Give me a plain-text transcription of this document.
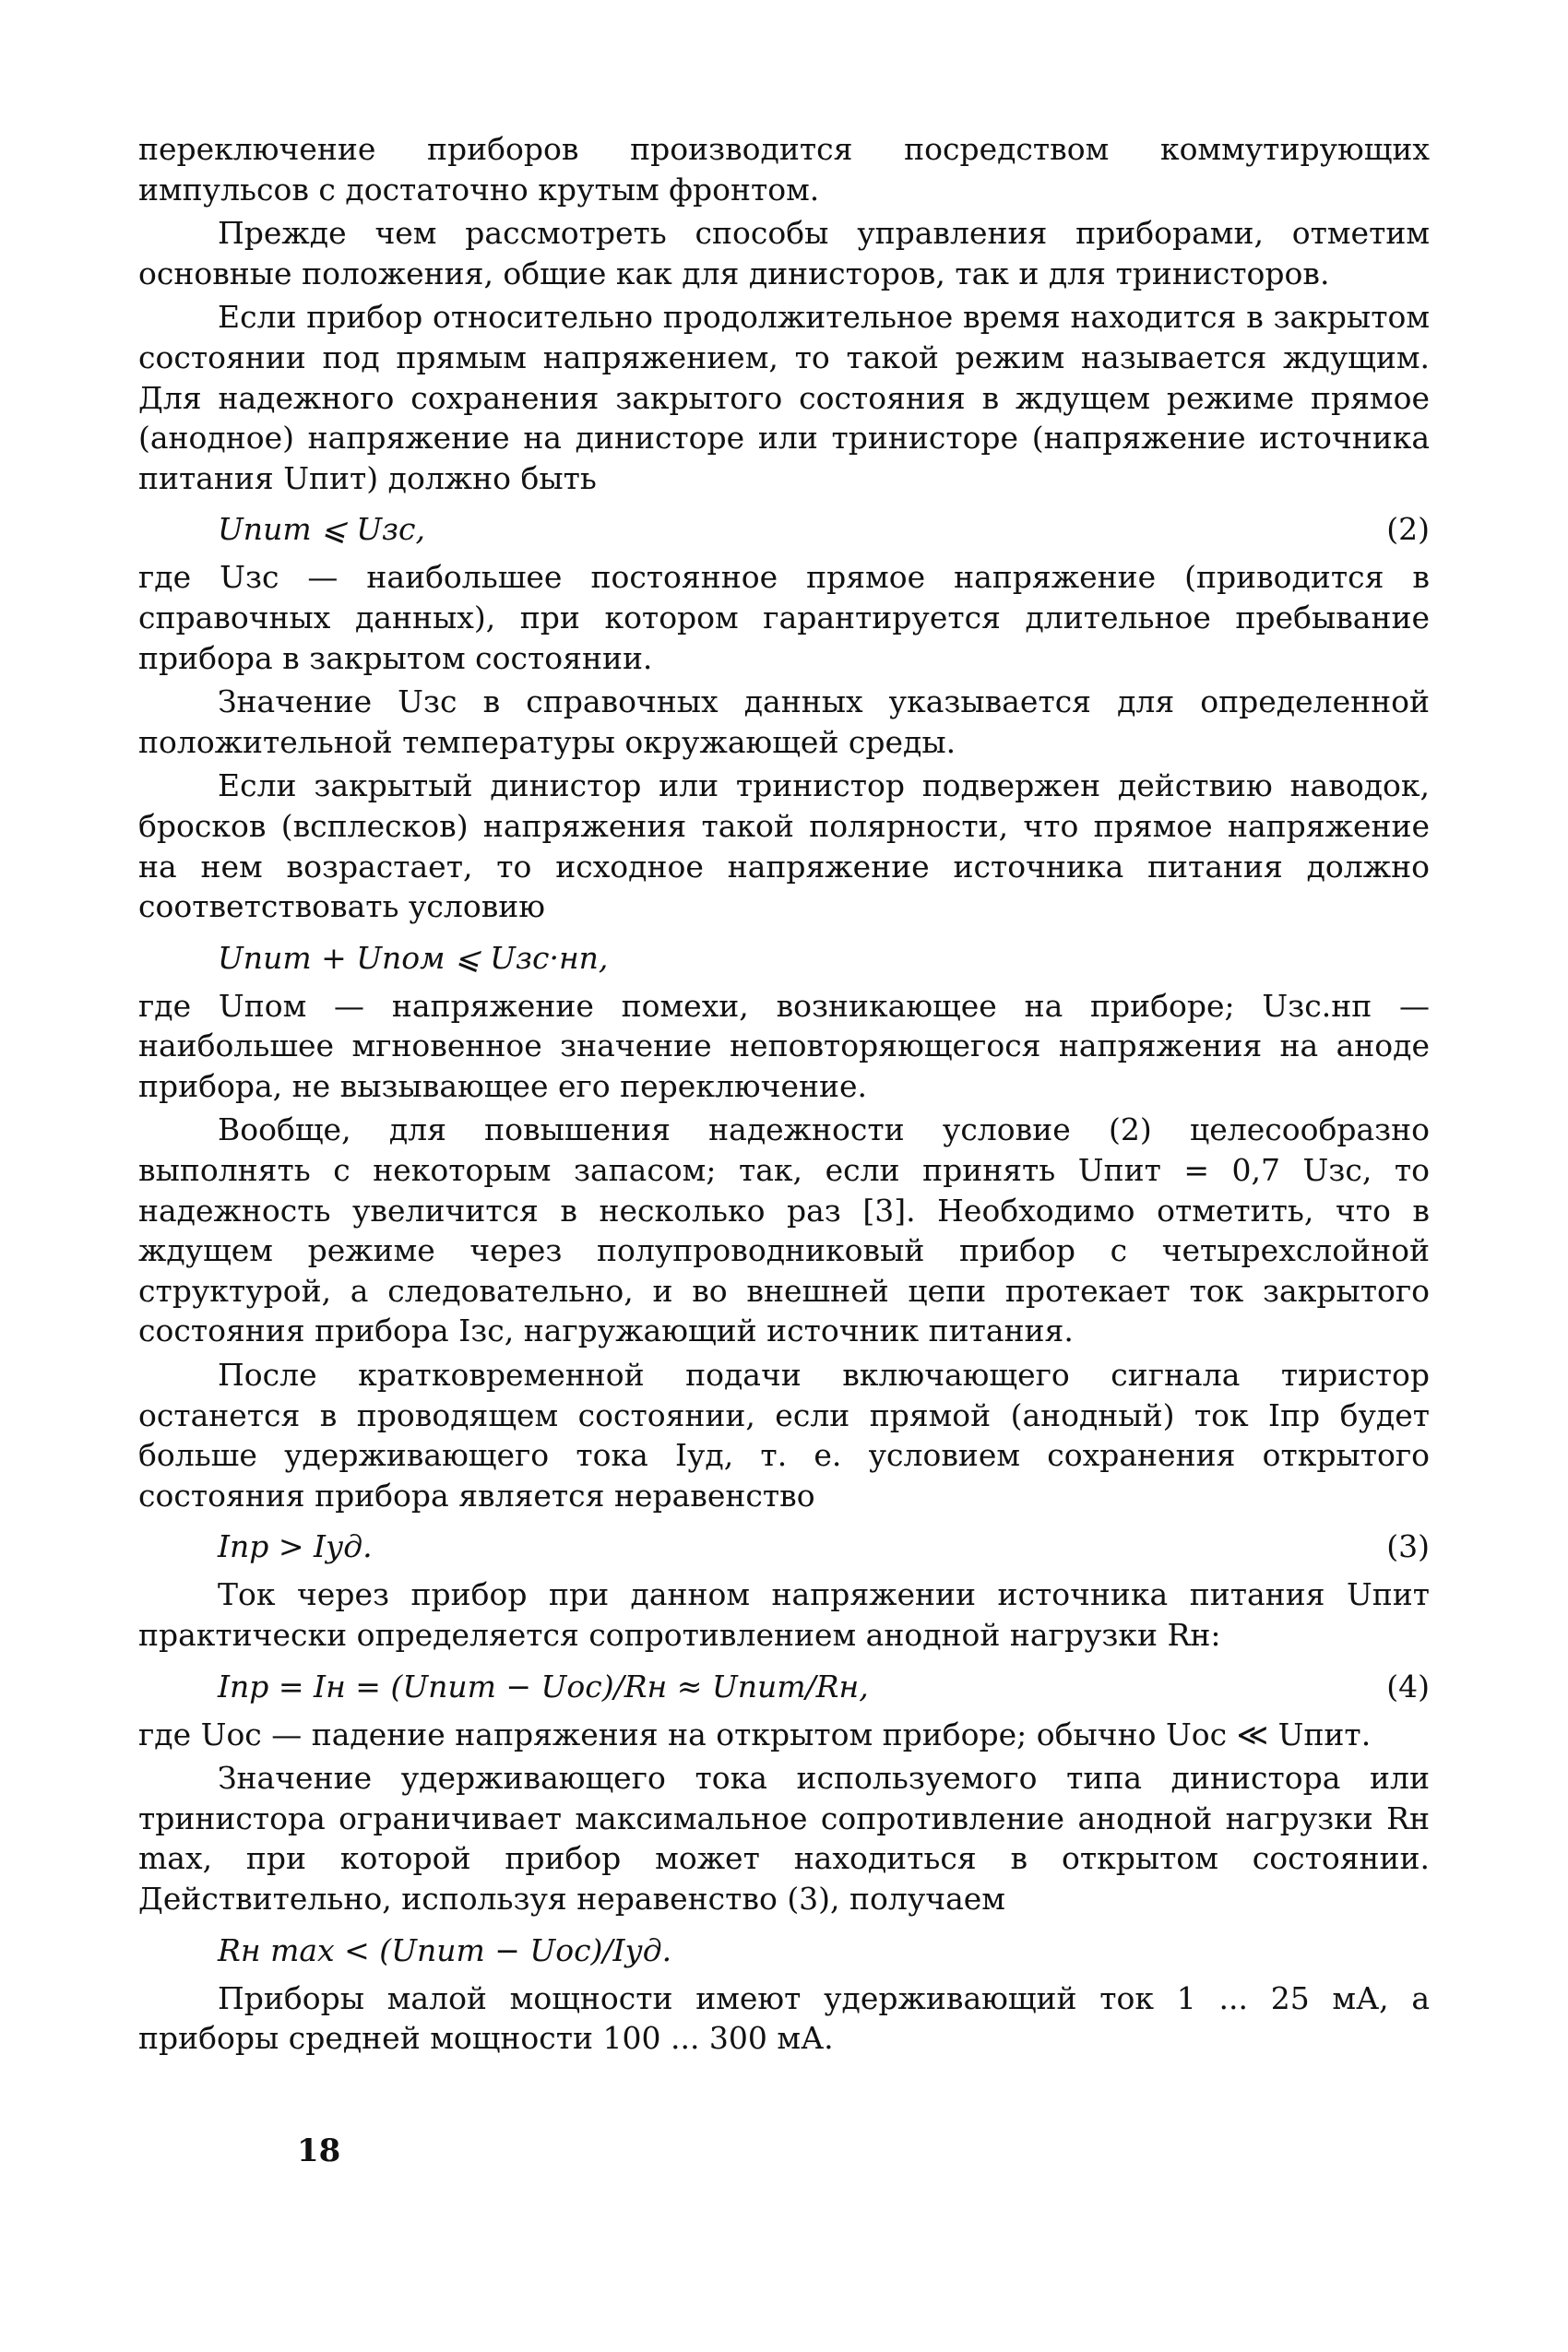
переключение приборов производится посредством коммутирующих импульсов с достаточно крутым фронтом.

Прежде чем рассмотреть способы управления приборами, отметим основные положения, общие как для динисторов, так и для тринисторов.

Если прибор относительно продолжительное время находится в закрытом состоянии под прямым напряжением, то такой режим называется ждущим. Для надежного сохранения закрытого состояния в ждущем режиме прямое (анодное) напряжение на динисторе или тринисторе (напряжение источника питания Uпит) должно быть

Uпит ⩽ Uзс,	(2)

где Uзс — наибольшее постоянное прямое напряжение (приводится в справочных данных), при котором гарантируется длительное пребывание прибора в закрытом состоянии.

Значение Uзс в справочных данных указывается для определенной положительной температуры окружающей среды.

Если закрытый динистор или тринистор подвержен действию наводок, бросков (всплесков) напряжения такой полярности, что прямое напряжение на нем возрастает, то исходное напряжение источника питания должно соответствовать условию

Uпит + Uпом ⩽ Uзс·нп,

где Uпом — напряжение помехи, возникающее на приборе; Uзс.нп — наибольшее мгновенное значение неповторяющегося напряжения на аноде прибора, не вызывающее его переключение.

Вообще, для повышения надежности условие (2) целесообразно выполнять с некоторым запасом; так, если принять Uпит = 0,7 Uзс, то надежность увеличится в несколько раз [3]. Необходимо отметить, что в ждущем режиме через полупроводниковый прибор с четырехслойной структурой, а следовательно, и во внешней цепи протекает ток закрытого состояния прибора Iзс, нагружающий источник питания.

После кратковременной подачи включающего сигнала тиристор останется в проводящем состоянии, если прямой (анодный) ток Iпр будет больше удерживающего тока Iуд, т. е. условием сохранения открытого состояния прибора является неравенство

Iпр > Iуд.	(3)

Ток через прибор при данном напряжении источника питания Uпит практически определяется сопротивлением анодной нагрузки Rн:

Iпр = Iн = (Uпит − Uос)/Rн ≈ Uпит/Rн,	(4)

где Uос — падение напряжения на открытом приборе; обычно Uос ≪ Uпит.

Значение удерживающего тока используемого типа динистора или тринистора ограничивает максимальное сопротивление анодной нагрузки Rн max, при которой прибор может находиться в открытом состоянии. Действительно, используя неравенство (3), получаем

Rн max < (Uпит − Uос)/Iуд.

Приборы малой мощности имеют удерживающий ток 1 ... 25 мА, а приборы средней мощности 100 ... 300 мА.

18
